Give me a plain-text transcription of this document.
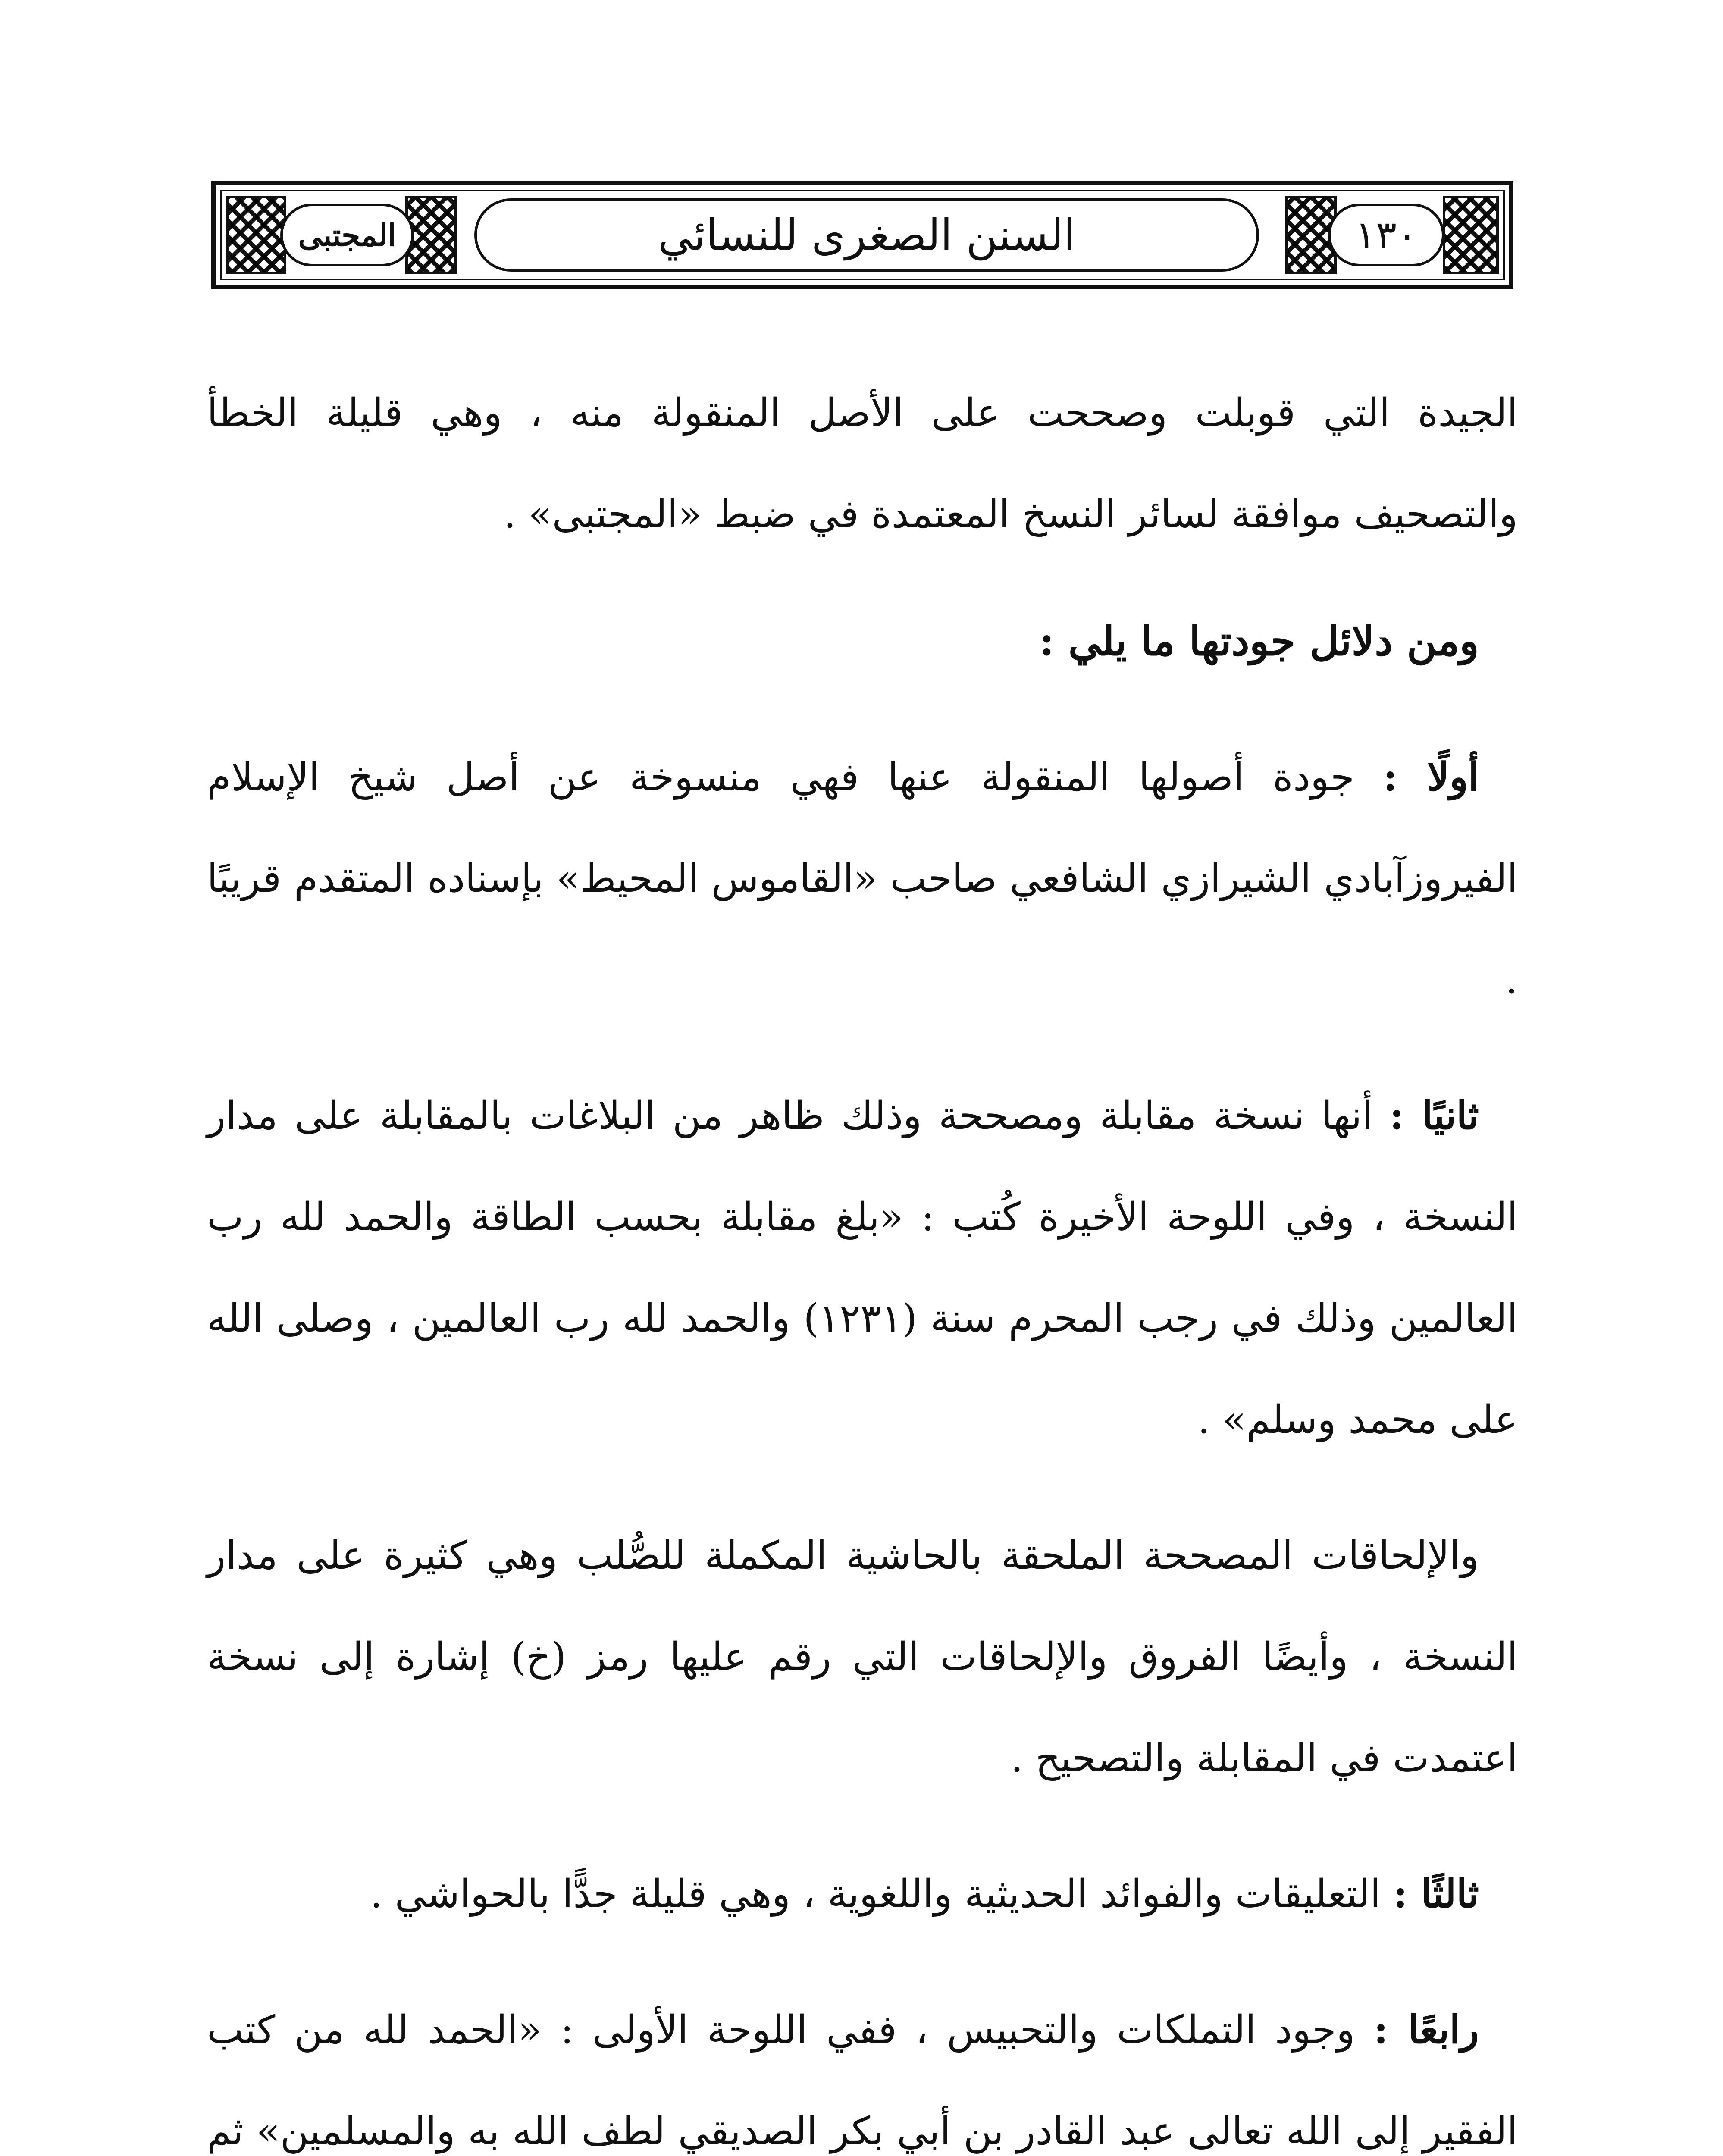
المجتبى	السنن الصغرى للنسائي	١٣٠

الجيدة التي قوبلت وصححت على الأصل المنقولة منه ، وهي قليلة الخطأ والتصحيف موافقة لسائر النسخ المعتمدة في ضبط «المجتبى» .

ومن دلائل جودتها ما يلي :

أولًا : جودة أصولها المنقولة عنها فهي منسوخة عن أصل شيخ الإسلام الفيروزآبادي الشيرازي الشافعي صاحب «القاموس المحيط» بإسناده المتقدم قريبًا .

ثانيًا : أنها نسخة مقابلة ومصححة وذلك ظاهر من البلاغات بالمقابلة على مدار النسخة ، وفي اللوحة الأخيرة كُتب : «بلغ مقابلة بحسب الطاقة والحمد لله رب العالمين وذلك في رجب المحرم سنة (١٢٣١) والحمد لله رب العالمين ، وصلى الله على محمد وسلم» .

والإلحاقات المصححة الملحقة بالحاشية المكملة للصُّلب وهي كثيرة على مدار النسخة ، وأيضًا الفروق والإلحاقات التي رقم عليها رمز (خ) إشارة إلى نسخة اعتمدت في المقابلة والتصحيح .

ثالثًا : التعليقات والفوائد الحديثية واللغوية ، وهي قليلة جدًّا بالحواشي .

رابعًا : وجود التملكات والتحبيس ، ففي اللوحة الأولى : «الحمد لله من كتب الفقير إلى الله تعالى عبد القادر بن أبي بكر الصديقي لطف الله به والمسلمين» ثم
